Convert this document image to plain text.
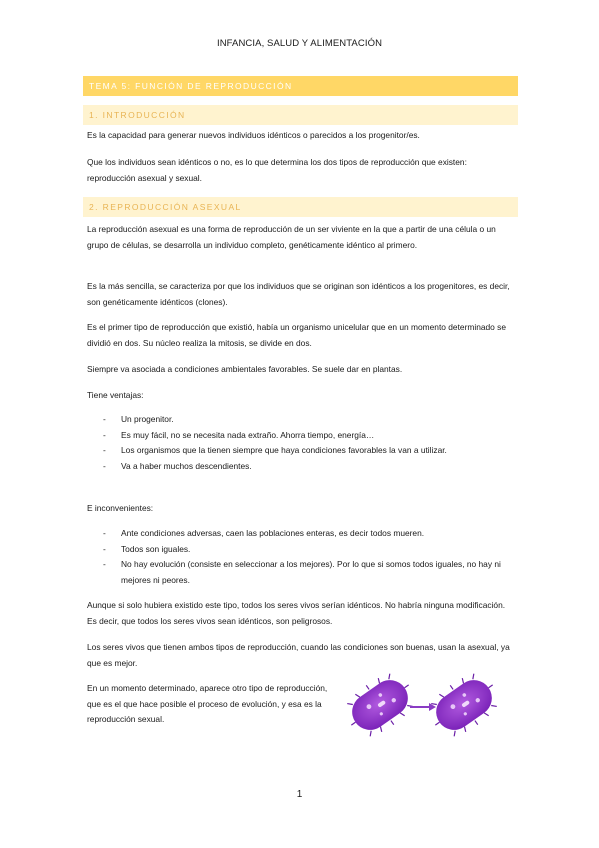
INFANCIA, SALUD Y ALIMENTACIÓN
TEMA 5: FUNCIÓN DE REPRODUCCIÓN
1. INTRODUCCIÓN

Es la capacidad para generar nuevos individuos idénticos o parecidos a los progenitor/es.

Que los individuos sean idénticos o no, es lo que determina los dos tipos de reproducción que existen: reproducción asexual y sexual.

2. REPRODUCCIÓN ASEXUAL

La reproducción asexual es una forma de reproducción de un ser viviente en la que a partir de una célula o un grupo de células, se desarrolla un individuo completo, genéticamente idéntico al primero.

Es la más sencilla, se caracteriza por que los individuos que se originan son idénticos a los progenitores, es decir, son genéticamente idénticos (clones).

Es el primer tipo de reproducción que existió, había un organismo unicelular que en un momento determinado se dividió en dos. Su núcleo realiza la mitosis, se divide en dos.

Siempre va asociada a condiciones ambientales favorables. Se suele dar en plantas.

Tiene ventajas:

- Un progenitor.
- Es muy fácil, no se necesita nada extraño. Ahorra tiempo, energía…
- Los organismos que la tienen siempre que haya condiciones favorables la van a utilizar.
- Va a haber muchos descendientes.

E inconvenientes:

- Ante condiciones adversas, caen las poblaciones enteras, es decir todos mueren.
- Todos son iguales.
- No hay evolución (consiste en seleccionar a los mejores). Por lo que si somos todos iguales, no hay ni mejores ni peores.

Aunque si solo hubiera existido este tipo, todos los seres vivos serían idénticos. No habría ninguna modificación. Es decir, que todos los seres vivos sean idénticos, son peligrosos.

Los seres vivos que tienen ambos tipos de reproducción, cuando las condiciones son buenas, usan la asexual, ya que es mejor.

En un momento determinado, aparece otro tipo de reproducción, que es el que hace posible el proceso de evolución, y esa es la reproducción sexual.

1
